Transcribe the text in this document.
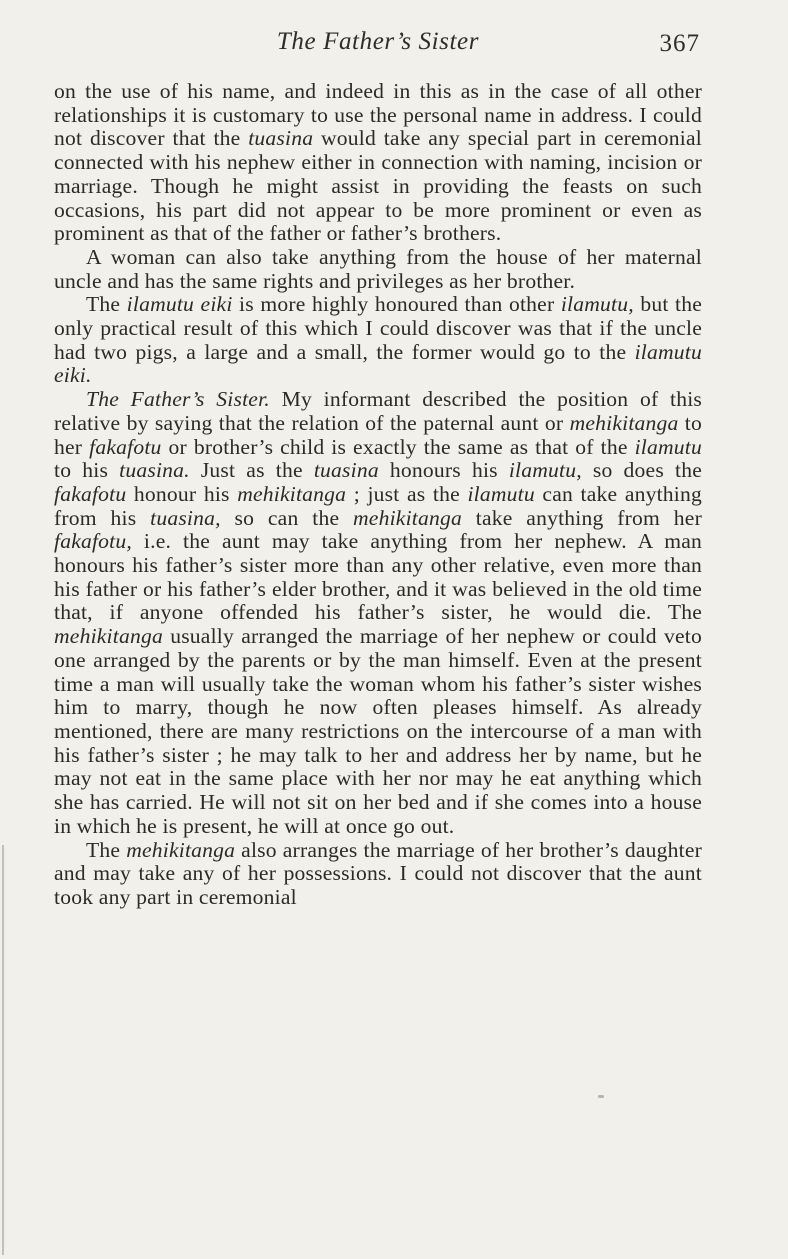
The Father’s Sister	367

on the use of his name, and indeed in this as in the case of all other relationships it is customary to use the personal name in address. I could not discover that the tuasina would take any special part in ceremonial connected with his nephew either in connection with naming, incision or marriage. Though he might assist in providing the feasts on such occasions, his part did not appear to be more prominent or even as prominent as that of the father or father’s brothers.

A woman can also take anything from the house of her maternal uncle and has the same rights and privileges as her brother.

The ilamutu eiki is more highly honoured than other ilamutu, but the only practical result of this which I could discover was that if the uncle had two pigs, a large and a small, the former would go to the ilamutu eiki.

The Father’s Sister. My informant described the position of this relative by saying that the relation of the paternal aunt or mehikitanga to her fakafotu or brother’s child is exactly the same as that of the ilamutu to his tuasina. Just as the tuasina honours his ilamutu, so does the fakafotu honour his mehikitanga ; just as the ilamutu can take anything from his tuasina, so can the mehikitanga take anything from her fakafotu, i.e. the aunt may take anything from her nephew. A man honours his father’s sister more than any other relative, even more than his father or his father’s elder brother, and it was believed in the old time that, if anyone offended his father’s sister, he would die. The mehikitanga usually arranged the marriage of her nephew or could veto one arranged by the parents or by the man himself. Even at the present time a man will usually take the woman whom his father’s sister wishes him to marry, though he now often pleases himself. As already mentioned, there are many restrictions on the intercourse of a man with his father’s sister ; he may talk to her and address her by name, but he may not eat in the same place with her nor may he eat anything which she has carried. He will not sit on her bed and if she comes into a house in which he is present, he will at once go out.

The mehikitanga also arranges the marriage of her brother’s daughter and may take any of her possessions. I could not discover that the aunt took any part in ceremonial
